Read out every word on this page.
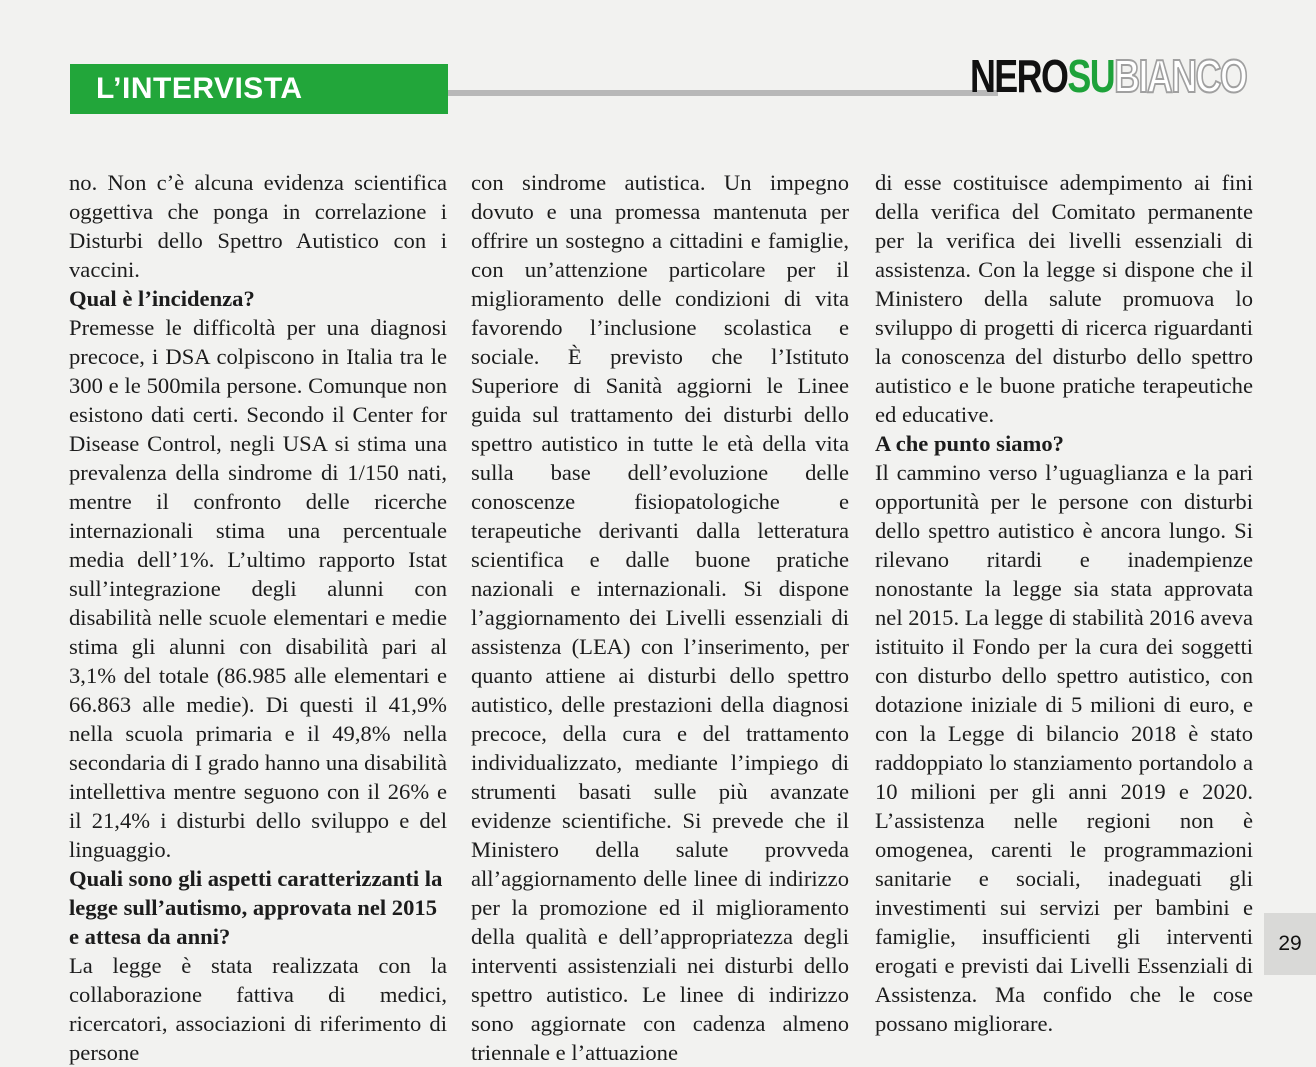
L’INTERVISTA	NEROSUBIANCO

no. Non c’è alcuna evidenza scientifica oggettiva che ponga in correlazione i Disturbi dello Spettro Autistico con i vaccini.

Qual è l’incidenza?

Premesse le difficoltà per una diagnosi precoce, i DSA colpiscono in Italia tra le 300 e le 500mila persone. Comunque non esistono dati certi. Secondo il Center for Disease Control, negli USA si stima una prevalenza della sindrome di 1/150 nati, mentre il confronto delle ricerche internazionali stima una percentuale media dell’1%. L’ultimo rapporto Istat sull’integrazione degli alunni con disabilità nelle scuole elementari e medie stima gli alunni con disabilità pari al 3,1% del totale (86.985 alle elementari e 66.863 alle medie). Di questi il 41,9% nella scuola primaria e il 49,8% nella secondaria di I grado hanno una disabilità intellettiva mentre seguono con il 26% e il 21,4% i disturbi dello sviluppo e del linguaggio.

Quali sono gli aspetti caratterizzanti la legge sull’autismo, approvata nel 2015 e attesa da anni?

La legge è stata realizzata con la collaborazione fattiva di medici, ricercatori, associazioni di riferimento di persone

con sindrome autistica. Un impegno dovuto e una promessa mantenuta per offrire un sostegno a cittadini e famiglie, con un’attenzione particolare per il miglioramento delle condizioni di vita favorendo l’inclusione scolastica e sociale. È previsto che l’Istituto Superiore di Sanità aggiorni le Linee guida sul trattamento dei disturbi dello spettro autistico in tutte le età della vita sulla base dell’evoluzione delle conoscenze fisiopatologiche e terapeutiche derivanti dalla letteratura scientifica e dalle buone pratiche nazionali e internazionali. Si dispone l’aggiornamento dei Livelli essenziali di assistenza (LEA) con l’inserimento, per quanto attiene ai disturbi dello spettro autistico, delle prestazioni della diagnosi precoce, della cura e del trattamento individualizzato, mediante l’impiego di strumenti basati sulle più avanzate evidenze scientifiche. Si prevede che il Ministero della salute provveda all’aggiornamento delle linee di indirizzo per la promozione ed il miglioramento della qualità e dell’appropriatezza degli interventi assistenziali nei disturbi dello spettro autistico. Le linee di indirizzo sono aggiornate con cadenza almeno triennale e l’attuazione

di esse costituisce adempimento ai fini della verifica del Comitato permanente per la verifica dei livelli essenziali di assistenza. Con la legge si dispone che il Ministero della salute promuova lo sviluppo di progetti di ricerca riguardanti la conoscenza del disturbo dello spettro autistico e le buone pratiche terapeutiche ed educative.

A che punto siamo?

Il cammino verso l’uguaglianza e la pari opportunità per le persone con disturbi dello spettro autistico è ancora lungo. Si rilevano ritardi e inadempienze nonostante la legge sia stata approvata nel 2015. La legge di stabilità 2016 aveva istituito il Fondo per la cura dei soggetti con disturbo dello spettro autistico, con dotazione iniziale di 5 milioni di euro, e con la Legge di bilancio 2018 è stato raddoppiato lo stanziamento portandolo a 10 milioni per gli anni 2019 e 2020. L’assistenza nelle regioni non è omogenea, carenti le programmazioni sanitarie e sociali, inadeguati gli investimenti sui servizi per bambini e famiglie, insufficienti gli interventi erogati e previsti dai Livelli Essenziali di Assistenza. Ma confido che le cose possano migliorare.

29
